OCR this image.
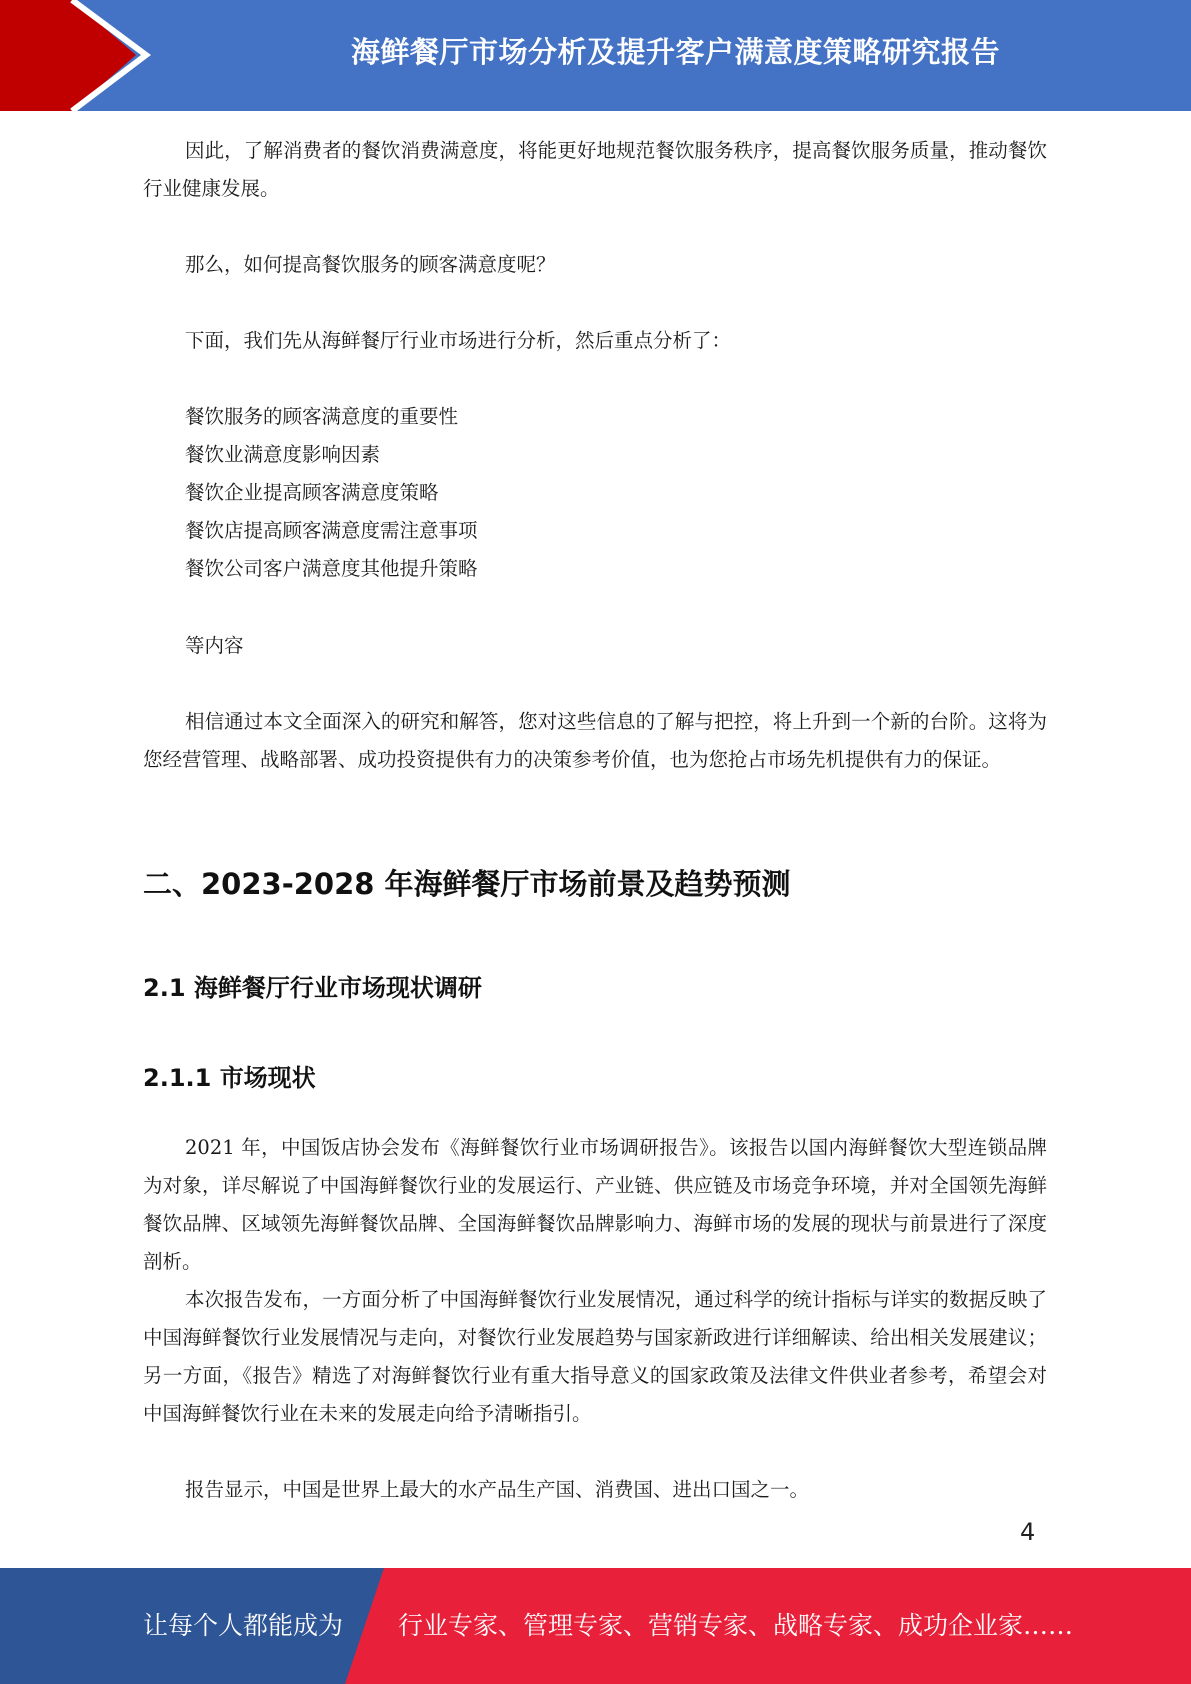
海鲜餐厅市场分析及提升客户满意度策略研究报告
因此，了解消费者的餐饮消费满意度，将能更好地规范餐饮服务秩序，提高餐饮服务质量，推动餐饮行业健康发展。
那么，如何提高餐饮服务的顾客满意度呢？
下面，我们先从海鲜餐厅行业市场进行分析，然后重点分析了：
餐饮服务的顾客满意度的重要性
餐饮业满意度影响因素
餐饮企业提高顾客满意度策略
餐饮店提高顾客满意度需注意事项
餐饮公司客户满意度其他提升策略
等内容
相信通过本文全面深入的研究和解答，您对这些信息的了解与把控，将上升到一个新的台阶。这将为您经营管理、战略部署、成功投资提供有力的决策参考价值，也为您抢占市场先机提供有力的保证。
二、2023-2028 年海鲜餐厅市场前景及趋势预测
2.1 海鲜餐厅行业市场现状调研
2.1.1 市场现状
2021 年，中国饭店协会发布《海鲜餐饮行业市场调研报告》。该报告以国内海鲜餐饮大型连锁品牌为对象，详尽解说了中国海鲜餐饮行业的发展运行、产业链、供应链及市场竞争环境，并对全国领先海鲜餐饮品牌、区域领先海鲜餐饮品牌、全国海鲜餐饮品牌影响力、海鲜市场的发展的现状与前景进行了深度剖析。
本次报告发布，一方面分析了中国海鲜餐饮行业发展情况，通过科学的统计指标与详实的数据反映了中国海鲜餐饮行业发展情况与走向，对餐饮行业发展趋势与国家新政进行详细解读、给出相关发展建议；另一方面，《报告》精选了对海鲜餐饮行业有重大指导意义的国家政策及法律文件供业者参考，希望会对中国海鲜餐饮行业在未来的发展走向给予清晰指引。
报告显示，中国是世界上最大的水产品生产国、消费国、进出口国之一。
4
让每个人都能成为 行业专家、管理专家、营销专家、战略专家、成功企业家……
